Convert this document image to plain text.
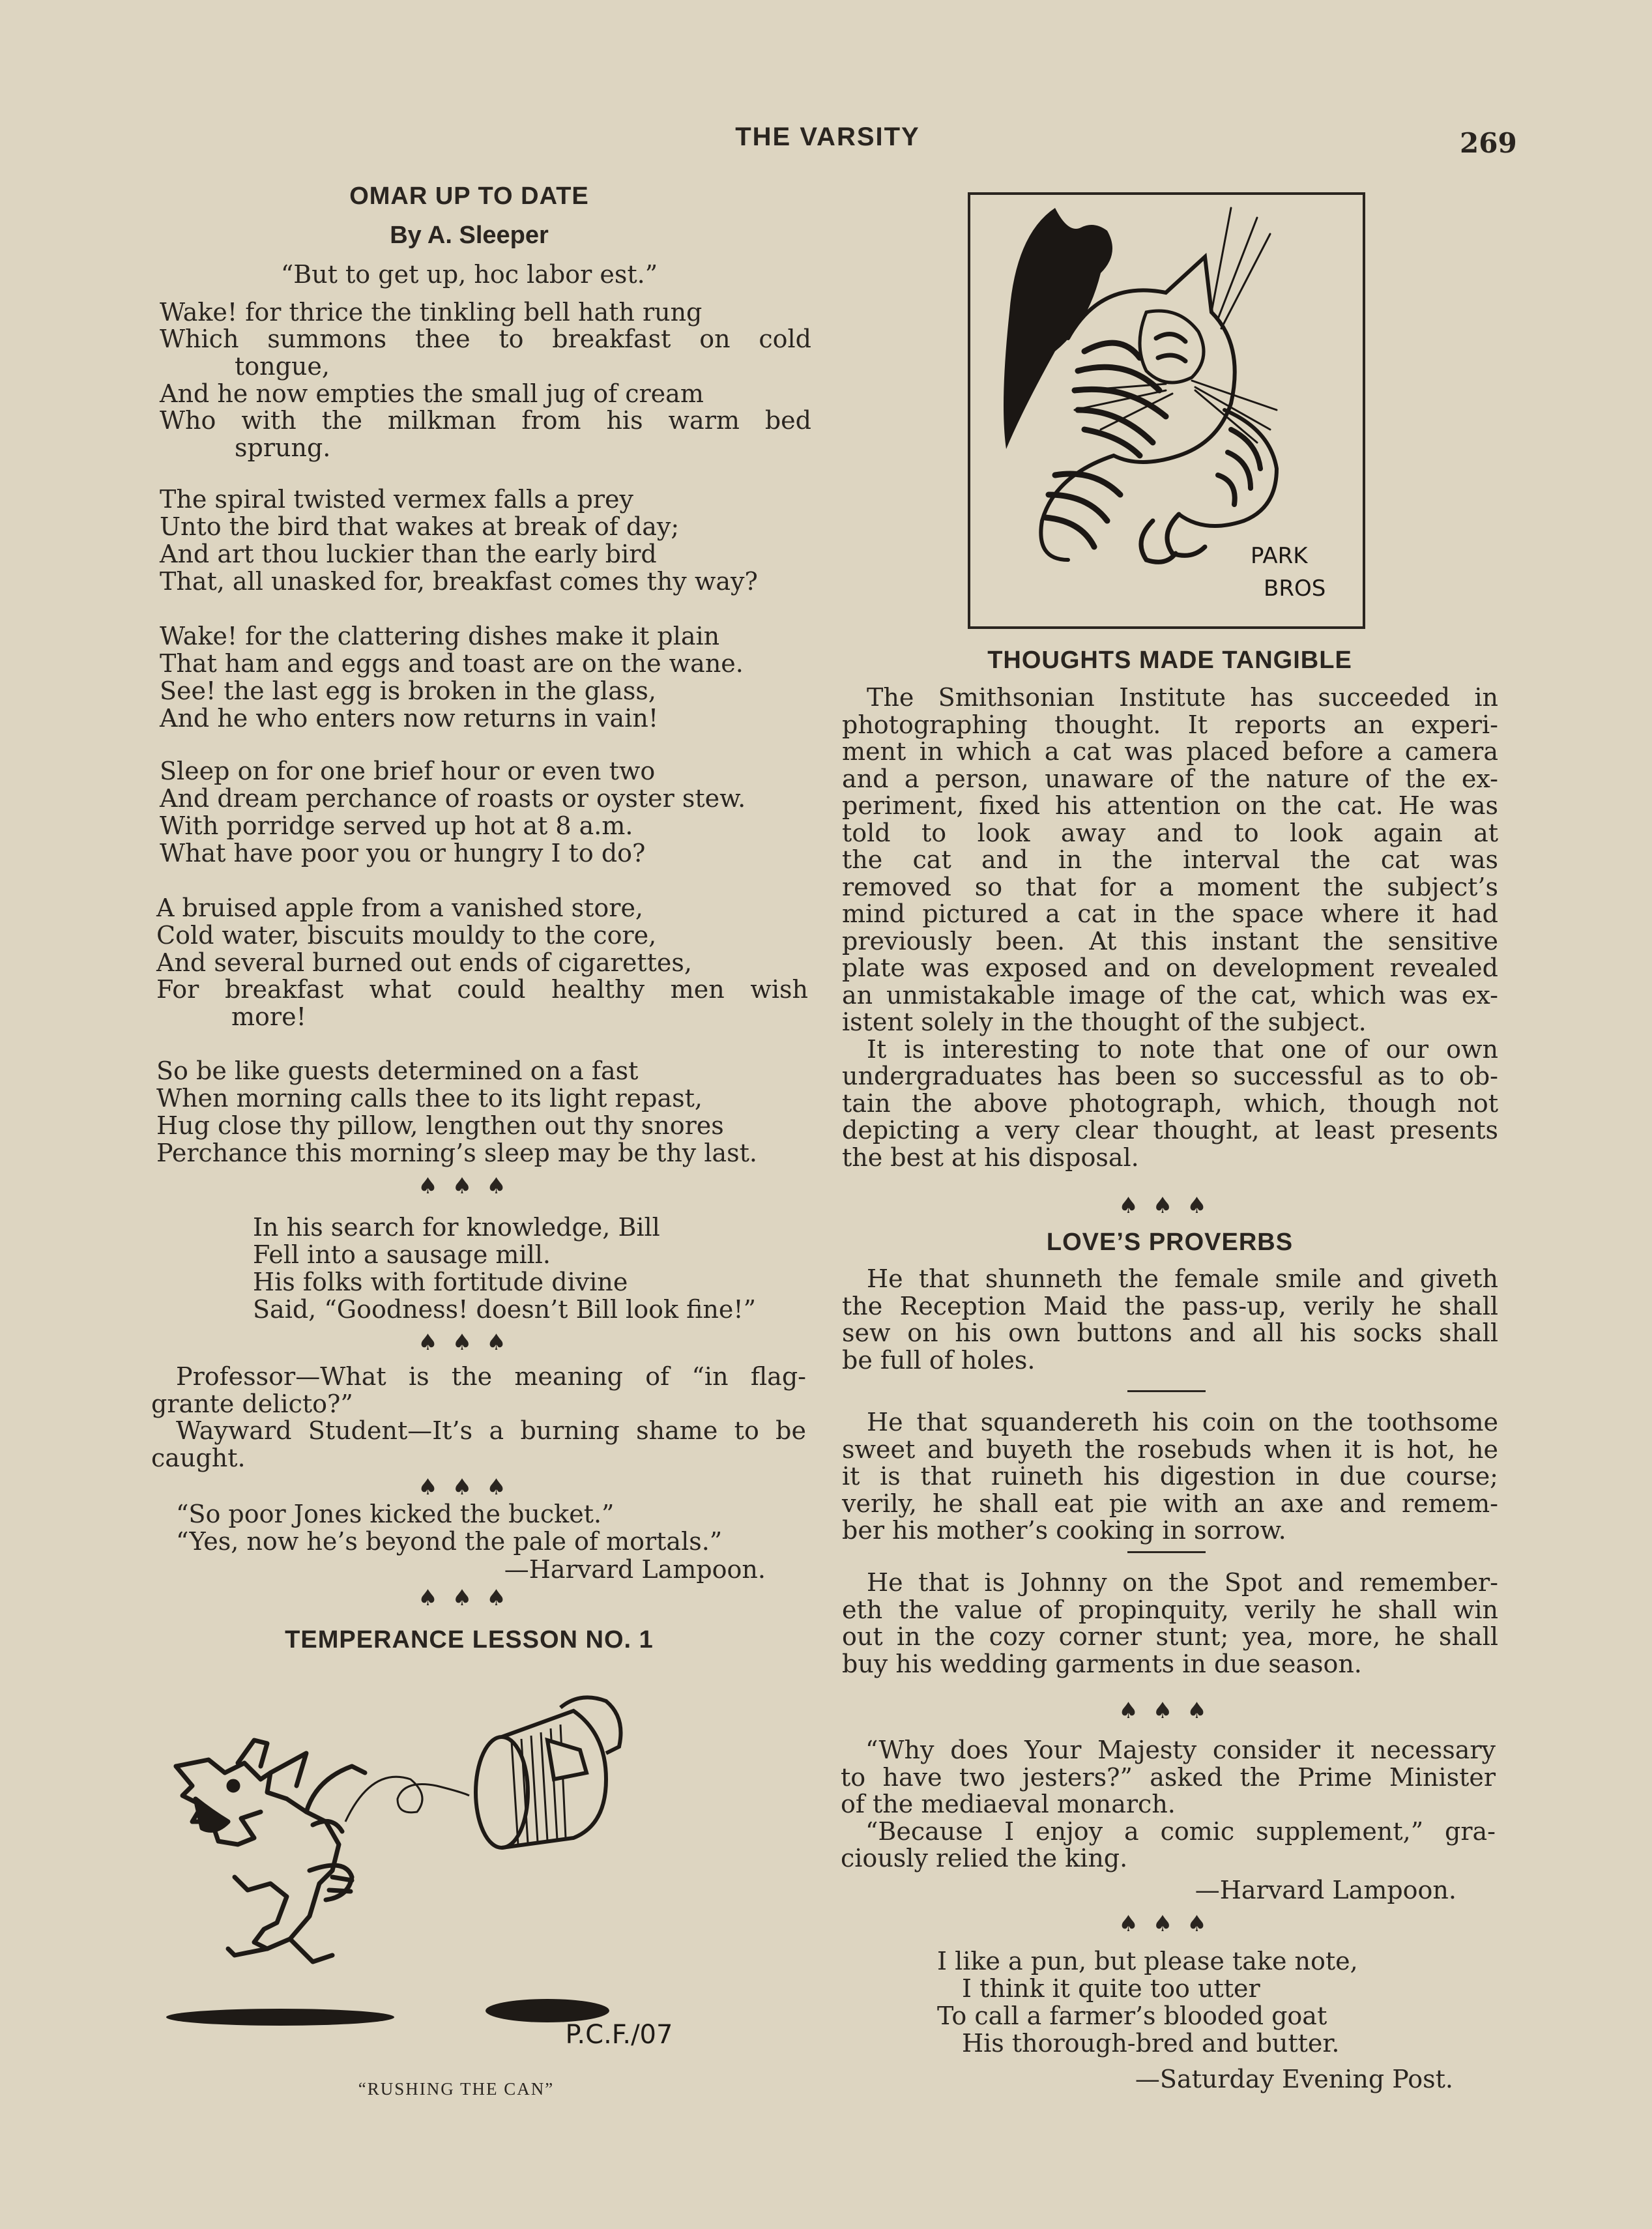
THE VARSITY	269
OMAR UP TO DATE
By A. Sleeper
“But to get up, hoc labor est.”
Wake! for thrice the tinkling bell hath rung
Which summons thee to breakfast on cold
tongue,
And he now empties the small jug of cream
Who with the milkman from his warm bed
sprung.
The spiral twisted vermex falls a prey
Unto the bird that wakes at break of day;
And art thou luckier than the early bird
That, all unasked for, breakfast comes thy way?
Wake! for the clattering dishes make it plain
That ham and eggs and toast are on the wane.
See! the last egg is broken in the glass,
And he who enters now returns in vain!
Sleep on for one brief hour or even two
And dream perchance of roasts or oyster stew.
With porridge served up hot at 8 a.m.
What have poor you or hungry I to do?
A bruised apple from a vanished store,
Cold water, biscuits mouldy to the core,
And several burned out ends of cigarettes,
For breakfast what could healthy men wish
more!
So be like guests determined on a fast
When morning calls thee to its light repast,
Hug close thy pillow, lengthen out thy snores
Perchance this morning’s sleep may be thy last.
♠♠♠
In his search for knowledge, Bill
Fell into a sausage mill.
His folks with fortitude divine
Said, “Goodness! doesn’t Bill look fine!”
♠♠♠
Professor—What is the meaning of “in flag-
grante delicto?”
Wayward Student—It’s a burning shame to be
caught.
♠♠♠
“So poor Jones kicked the bucket.”
“Yes, now he’s beyond the pale of mortals.”
—Harvard Lampoon.
♠♠♠
TEMPERANCE LESSON NO. 1
P.C.F./07
“RUSHING THE CAN”
PARK
BROS
THOUGHTS MADE TANGIBLE
The Smithsonian Institute has succeeded in
photographing thought. It reports an experi-
ment in which a cat was placed before a camera
and a person, unaware of the nature of the ex-
periment, fixed his attention on the cat. He was
told to look away and to look again at
the cat and in the interval the cat was
removed so that for a moment the subject’s
mind pictured a cat in the space where it had
previously been. At this instant the sensitive
plate was exposed and on development revealed
an unmistakable image of the cat, which was ex-
istent solely in the thought of the subject.
It is interesting to note that one of our own
undergraduates has been so successful as to ob-
tain the above photograph, which, though not
depicting a very clear thought, at least presents
the best at his disposal.
♠♠♠
LOVE’S PROVERBS
He that shunneth the female smile and giveth
the Reception Maid the pass-up, verily he shall
sew on his own buttons and all his socks shall
be full of holes.
He that squandereth his coin on the toothsome
sweet and buyeth the rosebuds when it is hot, he
it is that ruineth his digestion in due course;
verily, he shall eat pie with an axe and remem-
ber his mother’s cooking in sorrow.
He that is Johnny on the Spot and remember-
eth the value of propinquity, verily he shall win
out in the cozy corner stunt; yea, more, he shall
buy his wedding garments in due season.
♠♠♠
“Why does Your Majesty consider it necessary
to have two jesters?” asked the Prime Minister
of the mediaeval monarch.
“Because I enjoy a comic supplement,” gra-
ciously relied the king.
—Harvard Lampoon.
♠♠♠
I like a pun, but please take note,
I think it quite too utter
To call a farmer’s blooded goat
His thorough-bred and butter.
—Saturday Evening Post.
